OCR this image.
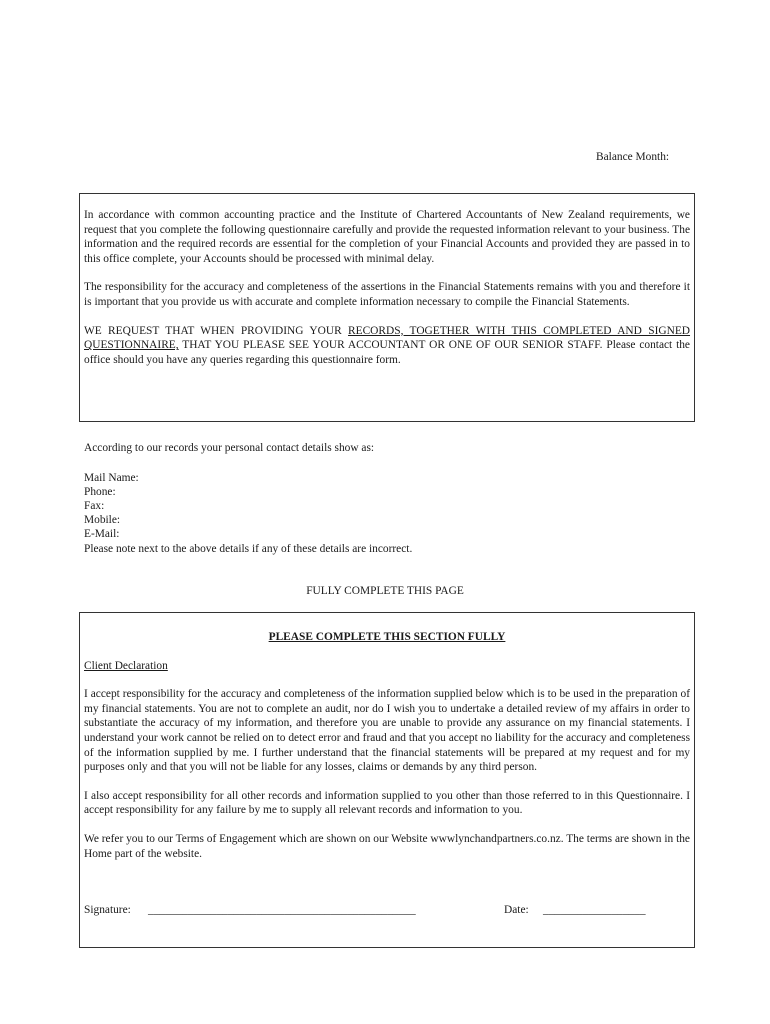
Balance Month:

In accordance with common accounting practice and the Institute of Chartered Accountants of New Zealand requirements, we request that you complete the following questionnaire carefully and provide the requested information relevant to your business. The information and the required records are essential for the completion of your Financial Accounts and provided they are passed in to this office complete, your Accounts should be processed with minimal delay.

The responsibility for the accuracy and completeness of the assertions in the Financial Statements remains with you and therefore it is important that you provide us with accurate and complete information necessary to compile the Financial Statements.

WE REQUEST THAT WHEN PROVIDING YOUR RECORDS, TOGETHER WITH THIS COMPLETED AND SIGNED QUESTIONNAIRE, THAT YOU PLEASE SEE YOUR ACCOUNTANT OR ONE OF OUR SENIOR STAFF. Please contact the office should you have any queries regarding this questionnaire form.

According to our records your personal contact details show as:

Mail Name:
Phone:
Fax:
Mobile:
E-Mail:

Please note next to the above details if any of these details are incorrect.

FULLY COMPLETE THIS PAGE

PLEASE COMPLETE THIS SECTION FULLY

Client Declaration

I accept responsibility for the accuracy and completeness of the information supplied below which is to be used in the preparation of my financial statements. You are not to complete an audit, nor do I wish you to undertake a detailed review of my affairs in order to substantiate the accuracy of my information, and therefore you are unable to provide any assurance on my financial statements. I understand your work cannot be relied on to detect error and fraud and that you accept no liability for the accuracy and completeness of the information supplied by me. I further understand that the financial statements will be prepared at my request and for my purposes only and that you will not be liable for any losses, claims or demands by any third person.

I also accept responsibility for all other records and information supplied to you other than those referred to in this Questionnaire. I accept responsibility for any failure by me to supply all relevant records and information to you.

We refer you to our Terms of Engagement which are shown on our Website wwwlynchandpartners.co.nz. The terms are shown in the Home part of the website.

Signature: _______________________________________________	Date: __________________
